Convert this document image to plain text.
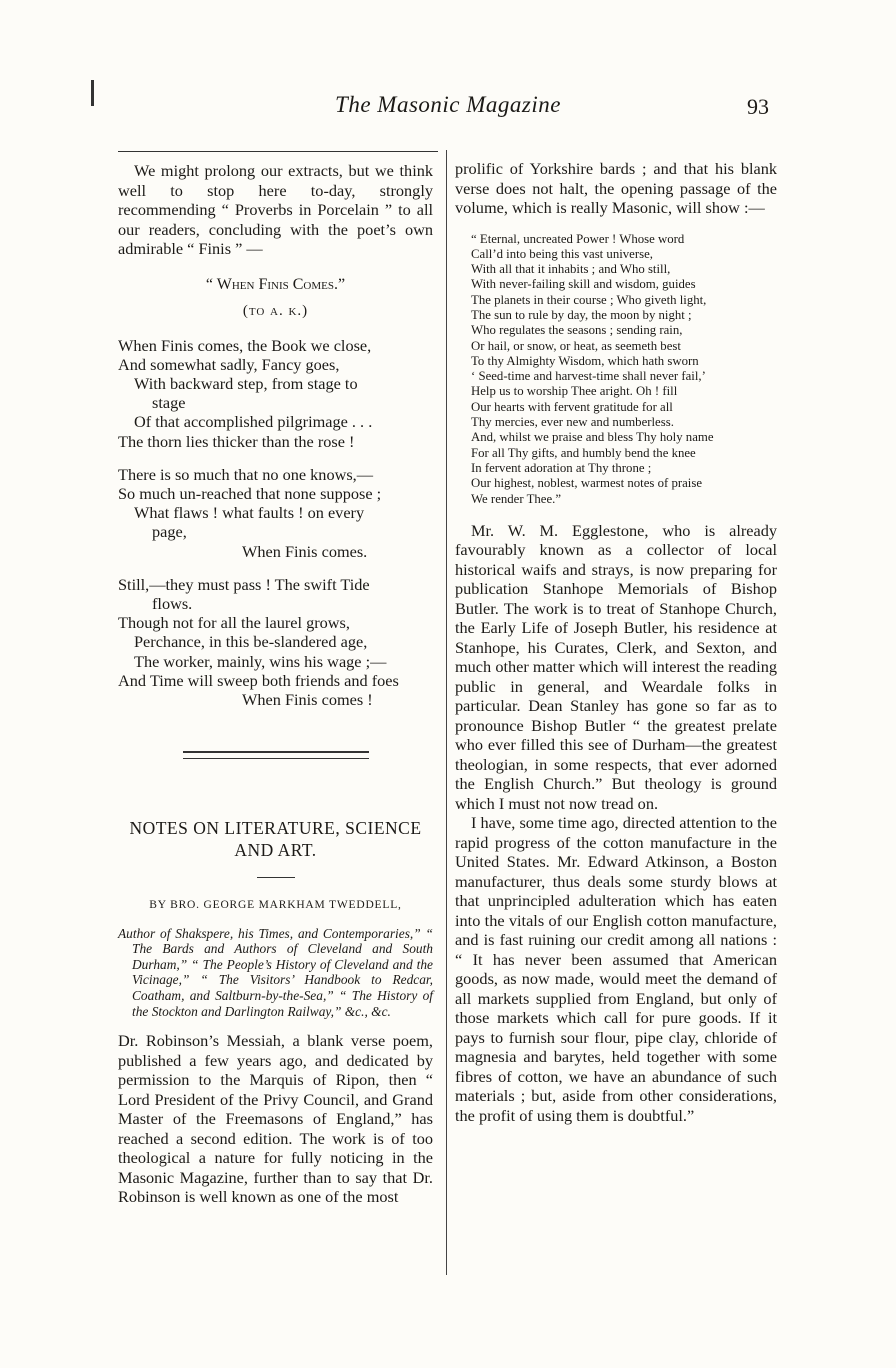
The Masonic Magazine	93

We might prolong our extracts, but we think well to stop here to-day, strongly recommending “ Proverbs in Porcelain ” to all our readers, concluding with the poet’s own admirable “ Finis ” —

“ When Finis Comes.”
(to a. k.)
When Finis comes, the Book we close,
And somewhat sadly, Fancy goes,
With backward step, from stage to
stage
Of that accomplished pilgrimage . . .
The thorn lies thicker than the rose !
There is so much that no one knows,—
So much un-reached that none suppose ;
What flaws ! what faults ! on every
page,
When Finis comes.
Still,—they must pass ! The swift Tide
flows.
Though not for all the laurel grows,
Perchance, in this be-slandered age,
The worker, mainly, wins his wage ;—
And Time will sweep both friends and foes
When Finis comes !
NOTES ON LITERATURE, SCIENCE
AND ART.
BY BRO. GEORGE MARKHAM TWEDDELL,

Author of Shakspere, his Times, and Contemporaries,” “ The Bards and Authors of Cleveland and South Durham,” “ The People’s History of Cleveland and the Vicinage,” “ The Visitors’ Handbook to Redcar, Coatham, and Saltburn-by-the-Sea,” “ The History of the Stockton and Darlington Railway,” &c., &c.

Dr. Robinson’s Messiah, a blank verse poem, published a few years ago, and dedicated by permission to the Marquis of Ripon, then “ Lord President of the Privy Council, and Grand Master of the Freemasons of England,” has reached a second edition. The work is of too theological a nature for fully noticing in the Masonic Magazine, further than to say that Dr. Robinson is well known as one of the most

prolific of Yorkshire bards ; and that his blank verse does not halt, the opening passage of the volume, which is really Masonic, will show :—

“ Eternal, uncreated Power ! Whose word
Call’d into being this vast universe,
With all that it inhabits ; and Who still,
With never-failing skill and wisdom, guides
The planets in their course ; Who giveth light,
The sun to rule by day, the moon by night ;
Who regulates the seasons ; sending rain,
Or hail, or snow, or heat, as seemeth best
To thy Almighty Wisdom, which hath sworn
‘ Seed-time and harvest-time shall never fail,’
Help us to worship Thee aright. Oh ! fill
Our hearts with fervent gratitude for all
Thy mercies, ever new and numberless.
And, whilst we praise and bless Thy holy name
For all Thy gifts, and humbly bend the knee
In fervent adoration at Thy throne ;
Our highest, noblest, warmest notes of praise
We render Thee.”

Mr. W. M. Egglestone, who is already favourably known as a collector of local historical waifs and strays, is now preparing for publication Stanhope Memorials of Bishop Butler. The work is to treat of Stanhope Church, the Early Life of Joseph Butler, his residence at Stanhope, his Curates, Clerk, and Sexton, and much other matter which will interest the reading public in general, and Weardale folks in particular. Dean Stanley has gone so far as to pronounce Bishop Butler “ the greatest prelate who ever filled this see of Durham—the greatest theologian, in some respects, that ever adorned the English Church.” But theology is ground which I must not now tread on.

I have, some time ago, directed attention to the rapid progress of the cotton manufacture in the United States. Mr. Edward Atkinson, a Boston manufacturer, thus deals some sturdy blows at that unprincipled adulteration which has eaten into the vitals of our English cotton manufacture, and is fast ruining our credit among all nations : “ It has never been assumed that American goods, as now made, would meet the demand of all markets supplied from England, but only of those markets which call for pure goods. If it pays to furnish sour flour, pipe clay, chloride of magnesia and barytes, held together with some fibres of cotton, we have an abundance of such materials ; but, aside from other considerations, the profit of using them is doubtful.”
